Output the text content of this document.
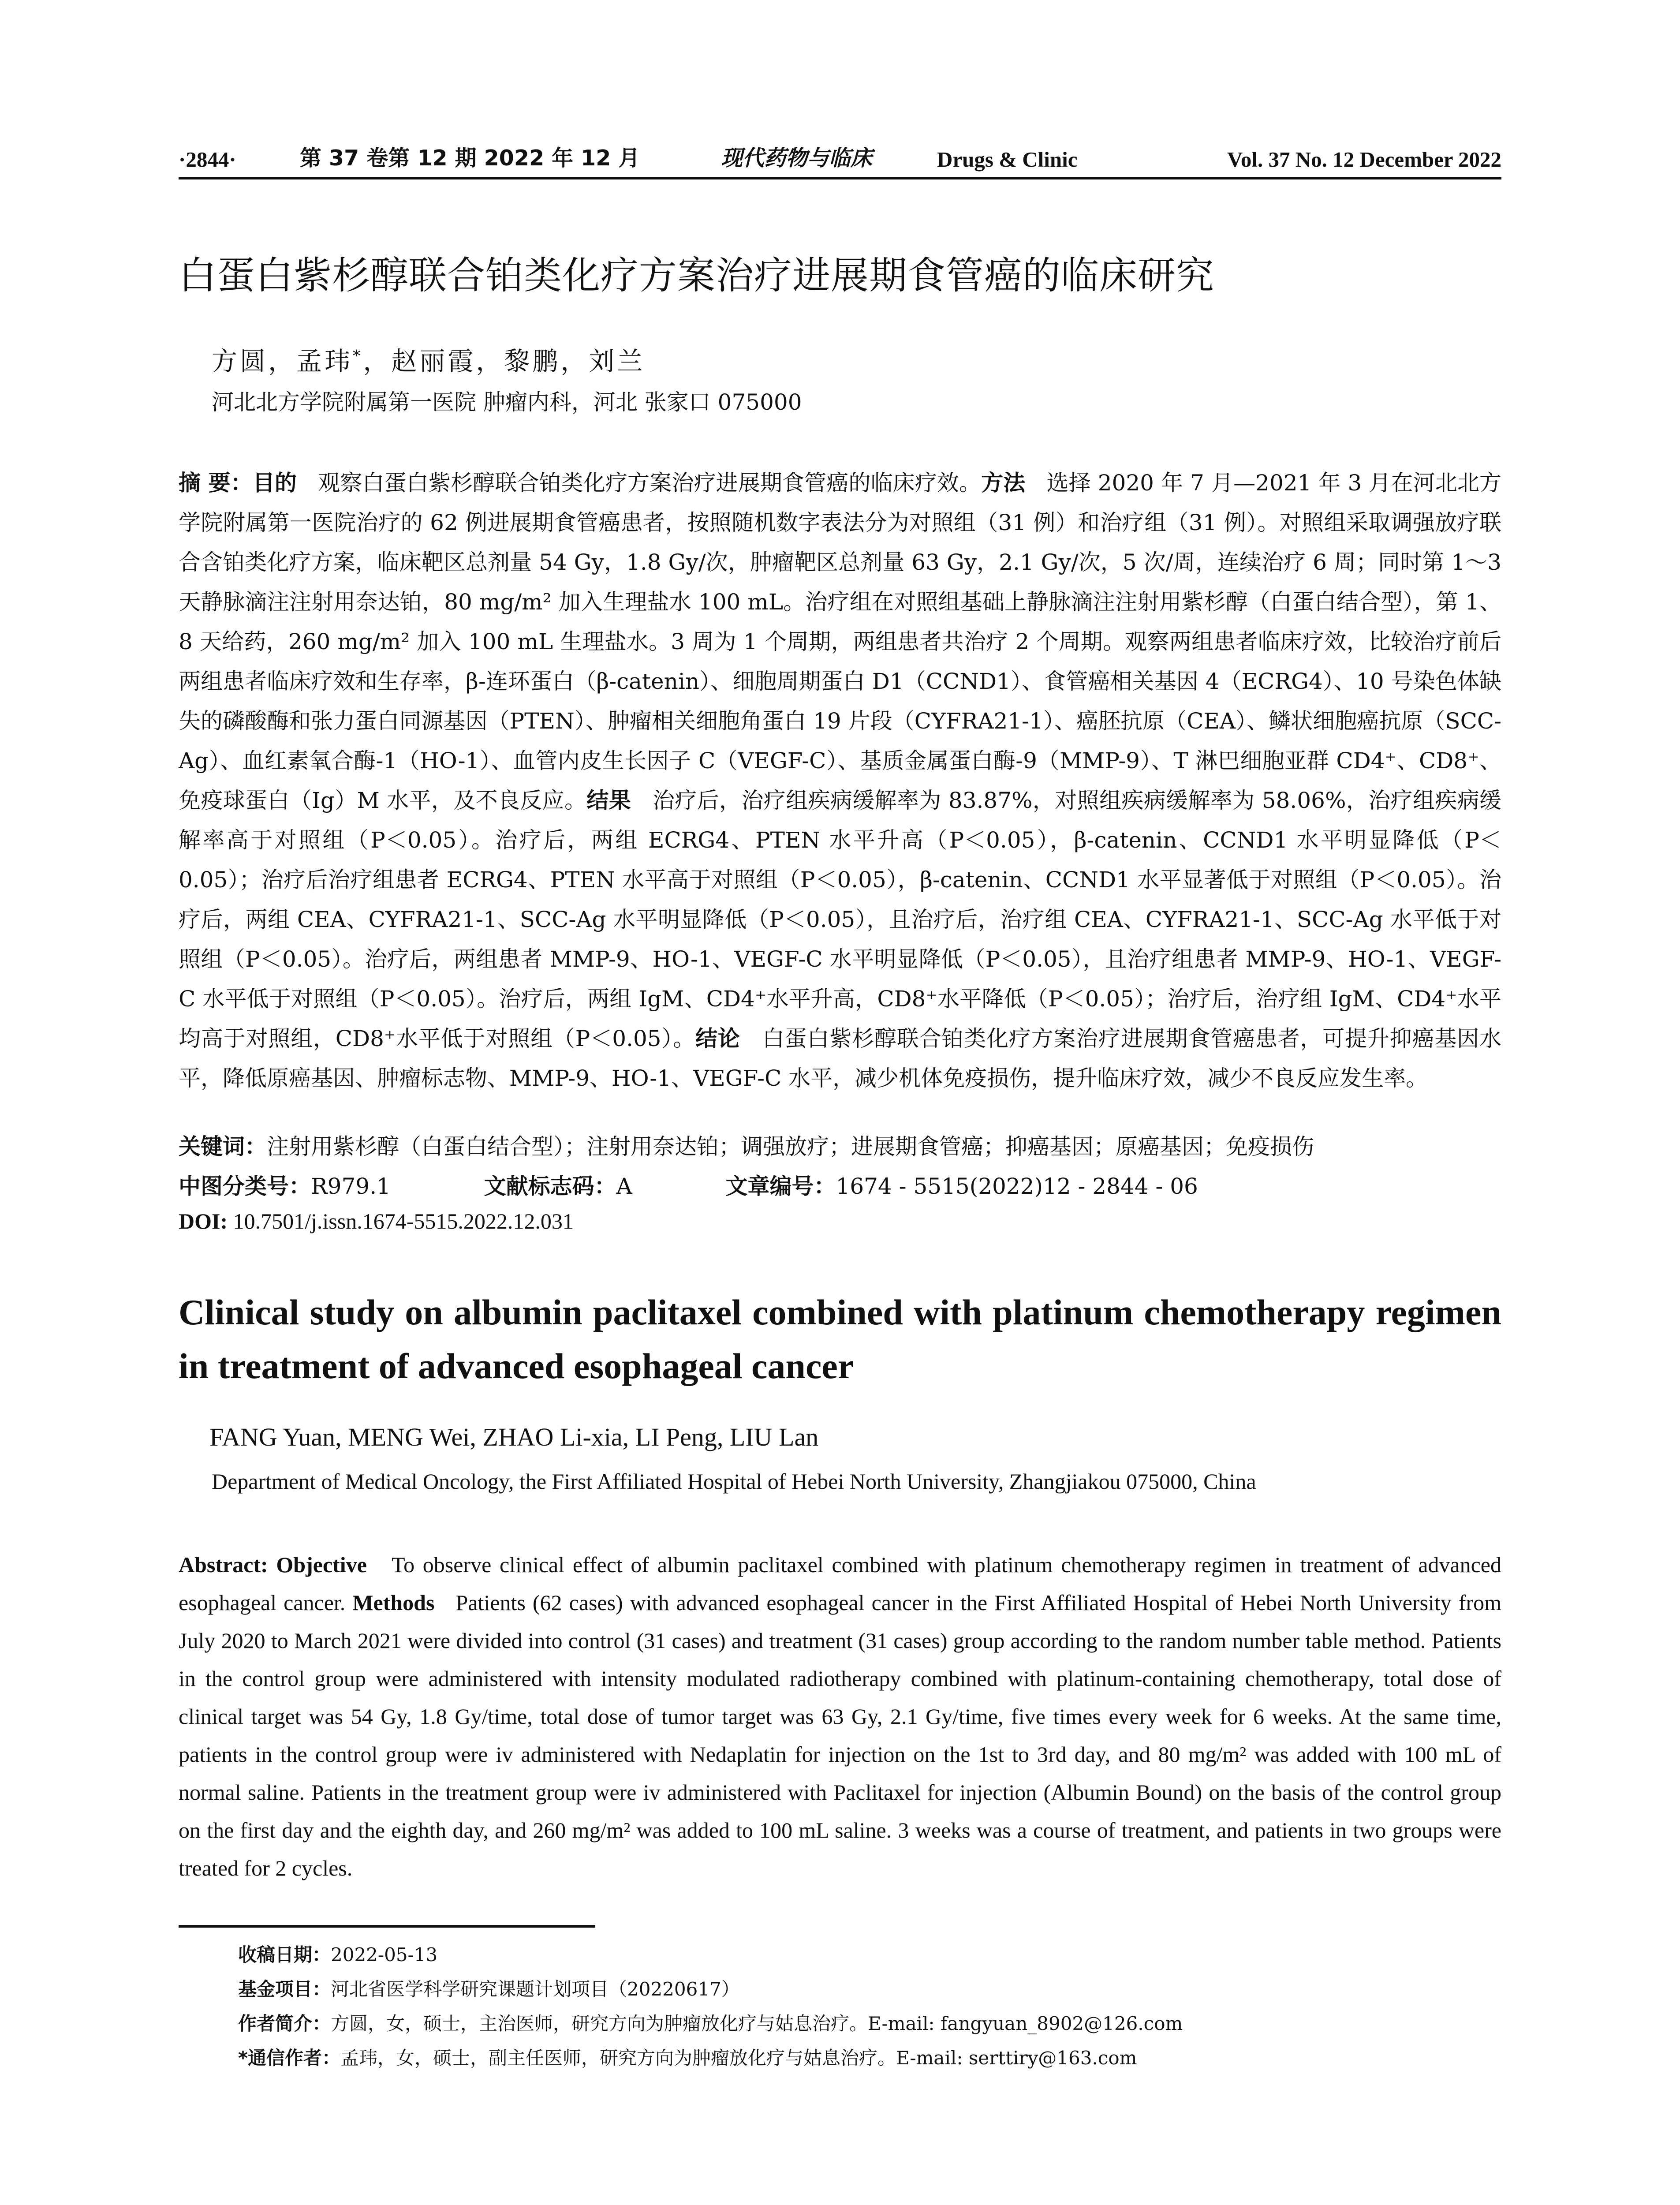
·2844·	第 37 卷第 12 期 2022 年 12 月	现代药物与临床	Drugs & Clinic	Vol. 37 No. 12 December 2022
白蛋白紫杉醇联合铂类化疗方案治疗进展期食管癌的临床研究
方圆，孟玮*，赵丽霞，黎鹏，刘兰
河北北方学院附属第一医院 肿瘤内科，河北 张家口 075000
摘 要：目的 观察白蛋白紫杉醇联合铂类化疗方案治疗进展期食管癌的临床疗效。方法 选择 2020 年 7 月—2021 年 3 月在河北北方学院附属第一医院治疗的 62 例进展期食管癌患者，按照随机数字表法分为对照组（31 例）和治疗组（31 例）。对照组采取调强放疗联合含铂类化疗方案，临床靶区总剂量 54 Gy，1.8 Gy/次，肿瘤靶区总剂量 63 Gy，2.1 Gy/次，5 次/周，连续治疗 6 周；同时第 1～3 天静脉滴注注射用奈达铂，80 mg/m² 加入生理盐水 100 mL。治疗组在对照组基础上静脉滴注注射用紫杉醇（白蛋白结合型），第 1、8 天给药，260 mg/m² 加入 100 mL 生理盐水。3 周为 1 个周期，两组患者共治疗 2 个周期。观察两组患者临床疗效，比较治疗前后两组患者临床疗效和生存率，β-连环蛋白（β-catenin）、细胞周期蛋白 D1（CCND1）、食管癌相关基因 4（ECRG4）、10 号染色体缺失的磷酸酶和张力蛋白同源基因（PTEN）、肿瘤相关细胞角蛋白 19 片段（CYFRA21-1）、癌胚抗原（CEA）、鳞状细胞癌抗原（SCC-Ag）、血红素氧合酶-1（HO-1）、血管内皮生长因子 C（VEGF-C）、基质金属蛋白酶-9（MMP-9）、T 淋巴细胞亚群 CD4⁺、CD8⁺、免疫球蛋白（Ig）M 水平，及不良反应。结果 治疗后，治疗组疾病缓解率为 83.87%，对照组疾病缓解率为 58.06%，治疗组疾病缓解率高于对照组（P＜0.05）。治疗后，两组 ECRG4、PTEN 水平升高（P＜0.05），β-catenin、CCND1 水平明显降低（P＜0.05）；治疗后治疗组患者 ECRG4、PTEN 水平高于对照组（P＜0.05），β-catenin、CCND1 水平显著低于对照组（P＜0.05）。治疗后，两组 CEA、CYFRA21-1、SCC-Ag 水平明显降低（P＜0.05），且治疗后，治疗组 CEA、CYFRA21-1、SCC-Ag 水平低于对照组（P＜0.05）。治疗后，两组患者 MMP-9、HO-1、VEGF-C 水平明显降低（P＜0.05），且治疗组患者 MMP-9、HO-1、VEGF-C 水平低于对照组（P＜0.05）。治疗后，两组 IgM、CD4⁺水平升高，CD8⁺水平降低（P＜0.05）；治疗后，治疗组 IgM、CD4⁺水平均高于对照组，CD8⁺水平低于对照组（P＜0.05）。结论 白蛋白紫杉醇联合铂类化疗方案治疗进展期食管癌患者，可提升抑癌基因水平，降低原癌基因、肿瘤标志物、MMP-9、HO-1、VEGF-C 水平，减少机体免疫损伤，提升临床疗效，减少不良反应发生率。
关键词：注射用紫杉醇（白蛋白结合型）；注射用奈达铂；调强放疗；进展期食管癌；抑癌基因；原癌基因；免疫损伤
中图分类号：R979.1	文献标志码：A	文章编号：1674 - 5515(2022)12 - 2844 - 06
DOI: 10.7501/j.issn.1674-5515.2022.12.031
Clinical study on albumin paclitaxel combined with platinum chemotherapy regimen in treatment of advanced esophageal cancer
FANG Yuan, MENG Wei, ZHAO Li-xia, LI Peng, LIU Lan
Department of Medical Oncology, the First Affiliated Hospital of Hebei North University, Zhangjiakou 075000, China
Abstract: Objective To observe clinical effect of albumin paclitaxel combined with platinum chemotherapy regimen in treatment of advanced esophageal cancer. Methods Patients (62 cases) with advanced esophageal cancer in the First Affiliated Hospital of Hebei North University from July 2020 to March 2021 were divided into control (31 cases) and treatment (31 cases) group according to the random number table method. Patients in the control group were administered with intensity modulated radiotherapy combined with platinum-containing chemotherapy, total dose of clinical target was 54 Gy, 1.8 Gy/time, total dose of tumor target was 63 Gy, 2.1 Gy/time, five times every week for 6 weeks. At the same time, patients in the control group were iv administered with Nedaplatin for injection on the 1st to 3rd day, and 80 mg/m² was added with 100 mL of normal saline. Patients in the treatment group were iv administered with Paclitaxel for injection (Albumin Bound) on the basis of the control group on the first day and the eighth day, and 260 mg/m² was added to 100 mL saline. 3 weeks was a course of treatment, and patients in two groups were treated for 2 cycles.
收稿日期：2022-05-13
基金项目：河北省医学科学研究课题计划项目（20220617）
作者简介：方圆，女，硕士，主治医师，研究方向为肿瘤放化疗与姑息治疗。E-mail: fangyuan_8902@126.com
*通信作者：孟玮，女，硕士，副主任医师，研究方向为肿瘤放化疗与姑息治疗。E-mail: serttiry@163.com
